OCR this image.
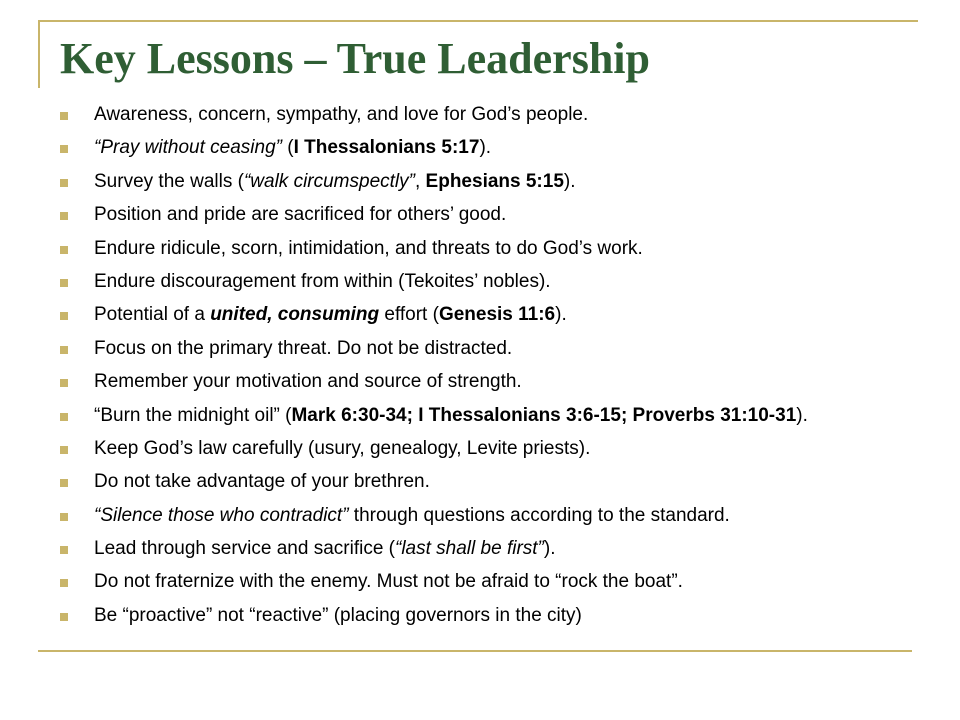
Key Lessons – True Leadership
Awareness, concern, sympathy, and love for God’s people.
“Pray without ceasing” (I Thessalonians 5:17).
Survey the walls (“walk circumspectly”, Ephesians 5:15).
Position and pride are sacrificed for others’ good.
Endure ridicule, scorn, intimidation, and threats to do God’s work.
Endure discouragement from within (Tekoites’ nobles).
Potential of a united, consuming effort (Genesis 11:6).
Focus on the primary threat. Do not be distracted.
Remember your motivation and source of strength.
“Burn the midnight oil” (Mark 6:30-34; I Thessalonians 3:6-15; Proverbs 31:10-31).
Keep God’s law carefully (usury, genealogy, Levite priests).
Do not take advantage of your brethren.
“Silence those who contradict” through questions according to the standard.
Lead through service and sacrifice (“last shall be first”).
Do not fraternize with the enemy. Must not be afraid to “rock the boat”.
Be “proactive” not “reactive” (placing governors in the city)
